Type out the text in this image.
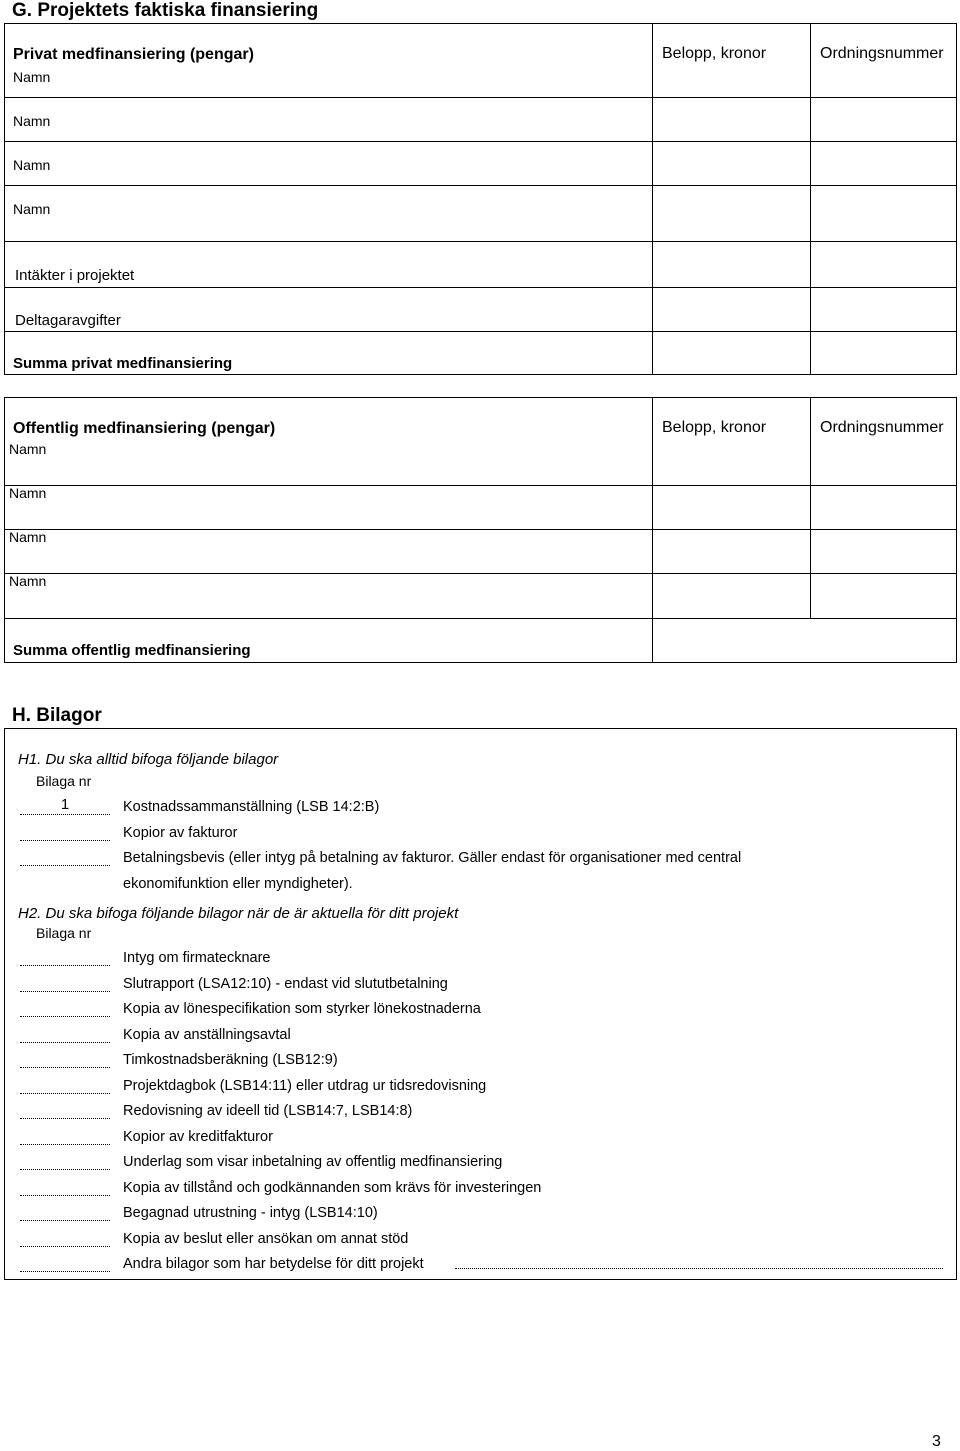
G. Projektets faktiska finansiering
Privat medfinansiering (pengar)	Belopp, kronor	Ordningsnummer
Namn
Namn
Namn
Namn
Intäkter i projektet
Deltagaravgifter
Summa privat medfinansiering
Offentlig medfinansiering (pengar)	Belopp, kronor	Ordningsnummer
Namn
Namn
Namn
Namn
Summa offentlig medfinansiering
H. Bilagor
H1. Du ska alltid bifoga följande bilagor
Bilaga nr
1	Kostnadssammanställning (LSB 14:2:B)
Kopior av fakturor
Betalningsbevis (eller intyg på betalning av fakturor. Gäller endast för organisationer med central
ekonomifunktion eller myndigheter).
H2. Du ska bifoga följande bilagor när de är aktuella för ditt projekt
Bilaga nr
Intyg om firmatecknare
Slutrapport (LSA12:10) - endast vid slututbetalning
Kopia av lönespecifikation som styrker lönekostnaderna
Kopia av anställningsavtal
Timkostnadsberäkning (LSB12:9)
Projektdagbok (LSB14:11) eller utdrag ur tidsredovisning
Redovisning av ideell tid (LSB14:7, LSB14:8)
Kopior av kreditfakturor
Underlag som visar inbetalning av offentlig medfinansiering
Kopia av tillstånd och godkännanden som krävs för investeringen
Begagnad utrustning - intyg (LSB14:10)
Kopia av beslut eller ansökan om annat stöd
Andra bilagor som har betydelse för ditt projekt
3
